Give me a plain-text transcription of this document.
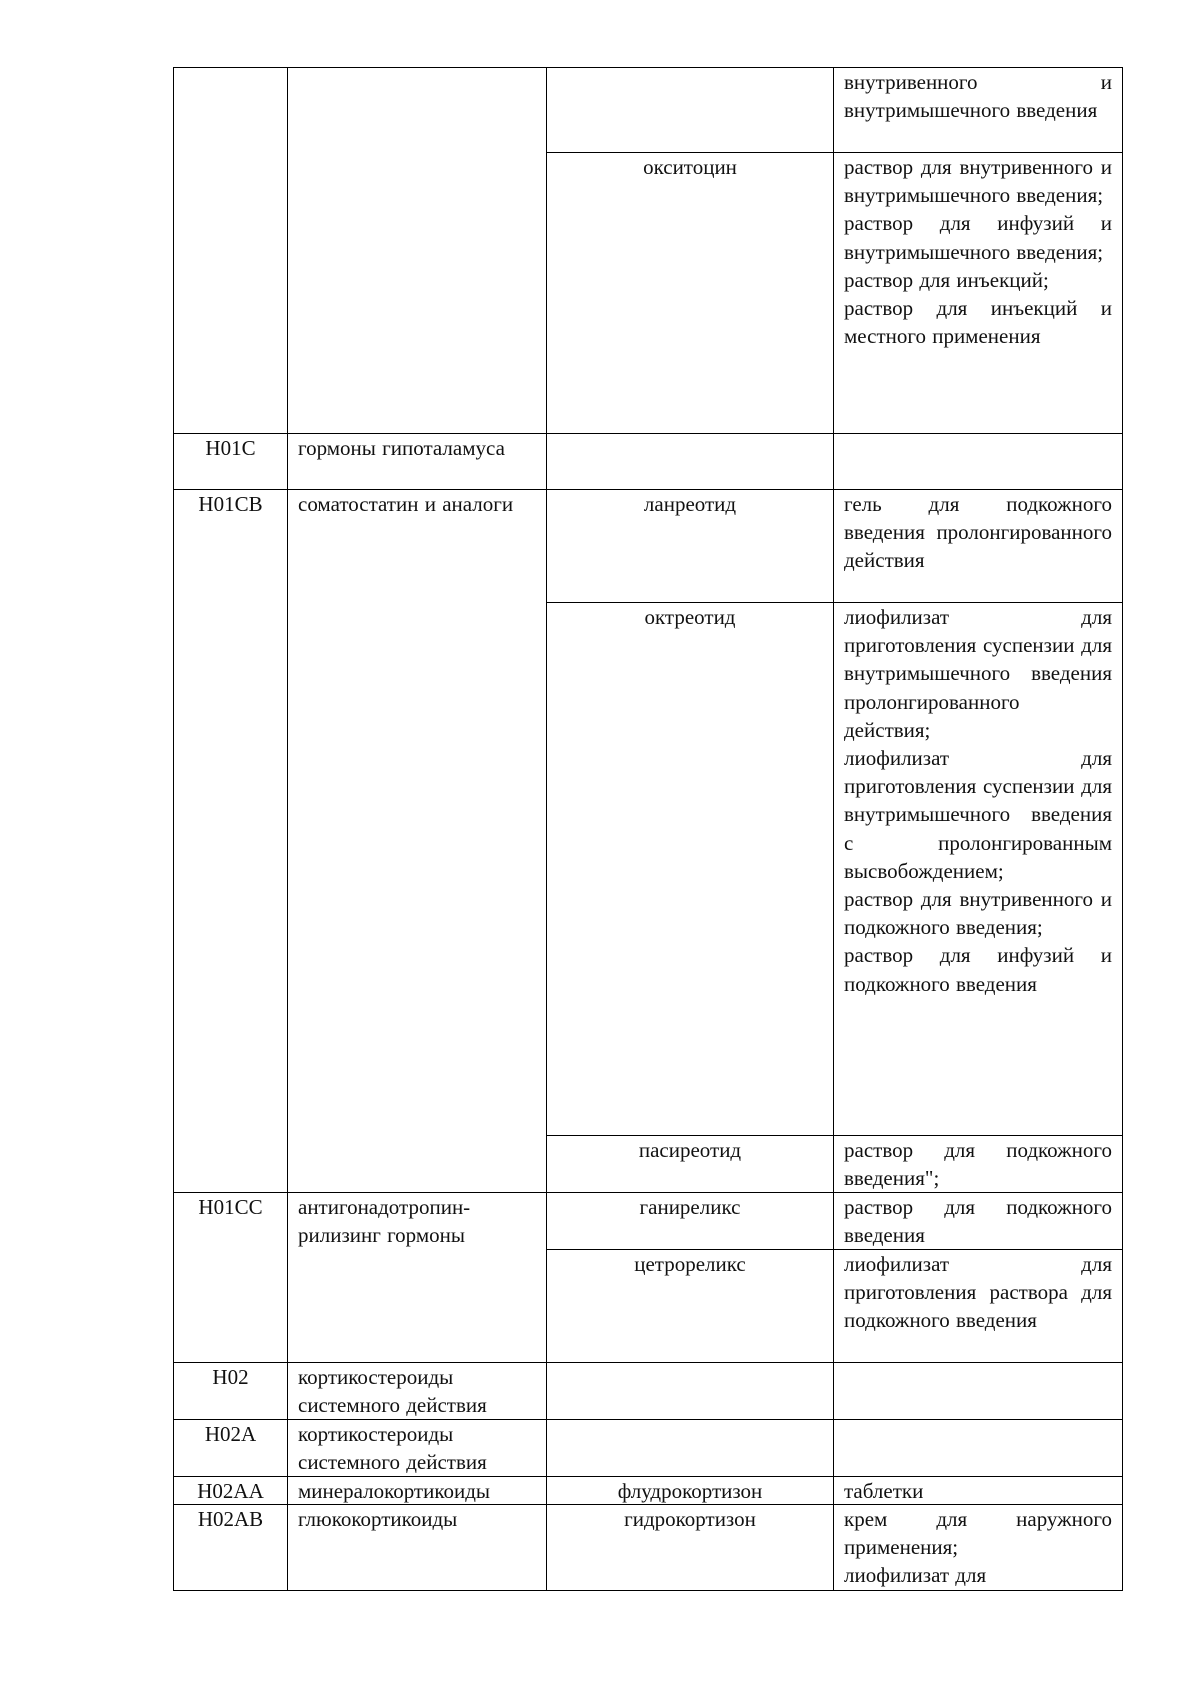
внутривенного и внутримышечного введения
окситоцин	раствор для внутривенного и внутримышечного введения;
раствор для инфузий и внутримышечного введения;
раствор для инъекций;
раствор для инъекций и местного применения
H01C	гормоны гипоталамуса
H01CB	соматостатин и аналоги	ланреотид	гель для подкожного введения пролонгированного действия
октреотид	лиофилизат для приготовления суспензии для внутримышечного введения пролонгированного действия;
лиофилизат для приготовления суспензии для внутримышечного введения с пролонгированным высвобождением;
раствор для внутривенного и подкожного введения;
раствор для инфузий и подкожного введения
пасиреотид	раствор для подкожного введения";
H01CC	антигонадотропин-рилизинг гормоны
ганиреликс	раствор для подкожного введения
цетрореликс	лиофилизат для приготовления раствора для подкожного введения
H02	кортикостероиды системного действия
H02A	кортикостероиды системного действия
H02AA	минералокортикоиды	флудрокортизон	таблетки
H02AB	глюкокортикоиды	гидрокортизон	крем для наружного применения;
лиофилизат для
